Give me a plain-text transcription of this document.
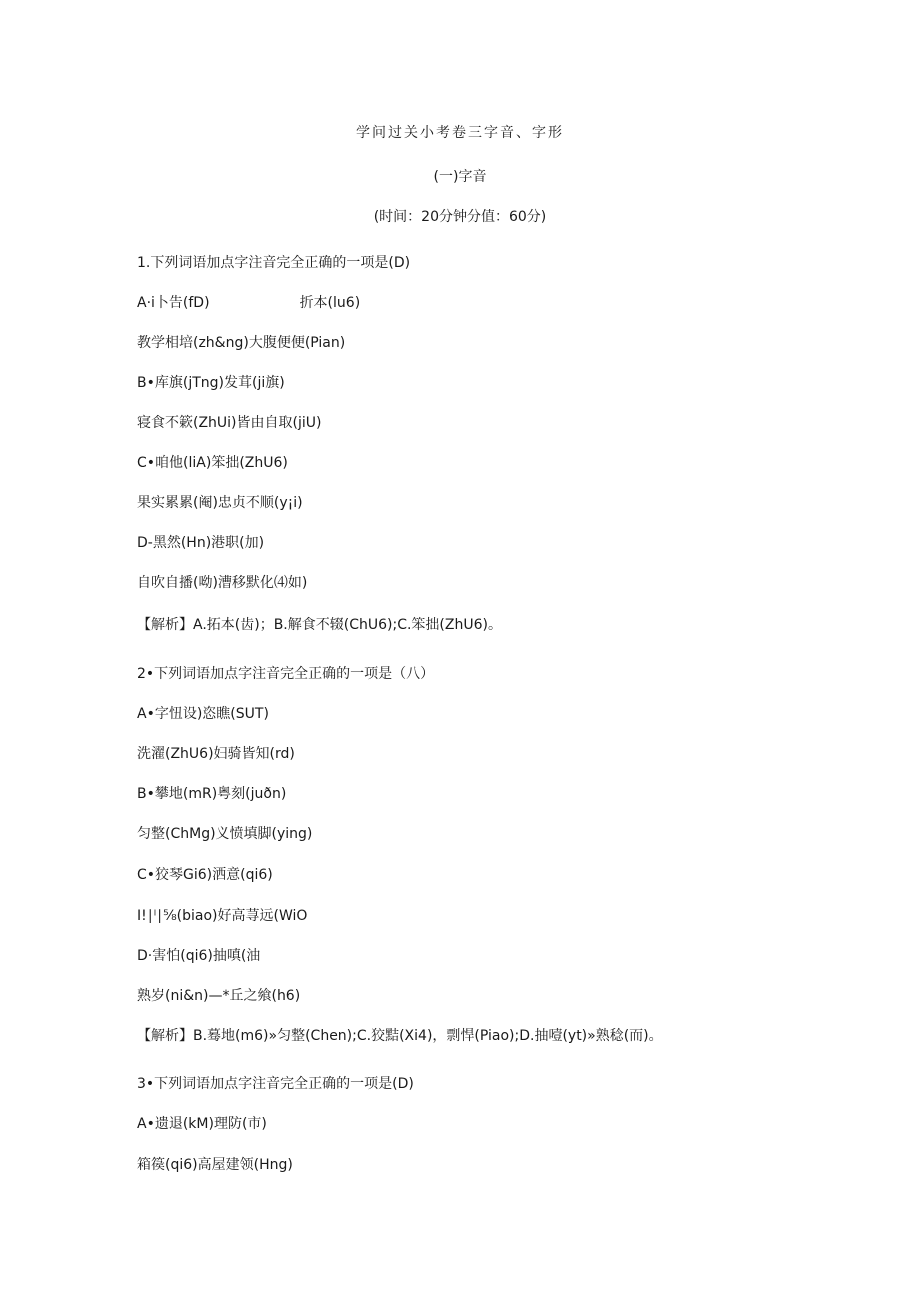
学问过关小考卷三字音、字形
(一)字音
(时间：20分钟分值：60分)
1.下列词语加点字注音完全正确的一项是(D)
A·i卜告(fD)	折本(lu6)
教学相培(zh&ng)大腹便便(Pian)
B•库旗(jTng)发茸(ji旗)
寝食不簌(ZhUi)皆由自取(jiU)
C•咱他(liA)笨拙(ZhU6)
果实累累(阉)忠贞不顺(y¡i)
D-黑然(Hn)港职(加)
自吹自播(呦)漕移默化⑷如)
【解析】A.拓本(齿)；B.解食不辍(ChU6);C.笨拙(ZhU6)。
2•下列词语加点字注音完全正确的一项是（八）
A•字忸设)恣瞧(SUT)
洗濯(ZhU6)妇骑皆知(rd)
B•攀地(mR)粤刻(juðn)
匀整(ChMg)义愤填脚(ying)
C•狡琴Gi6)洒意(qi6)
I!∣ˡ∣⅝(biao)好高荨远(WiO
D·害怕(qi6)抽嗔(油
熟岁(ni&n)—*丘之飨(h6)
【解析】B.蓦地(m6)»匀整(Chen);C.狡黠(Xi4)，剽悍(Piao);D.抽噎(yt)»熟稔(而)。
3•下列词语加点字注音完全正确的一项是(D)
A•遗退(kM)理防(市)
箱篌(qi6)高屋建领(Hng)
